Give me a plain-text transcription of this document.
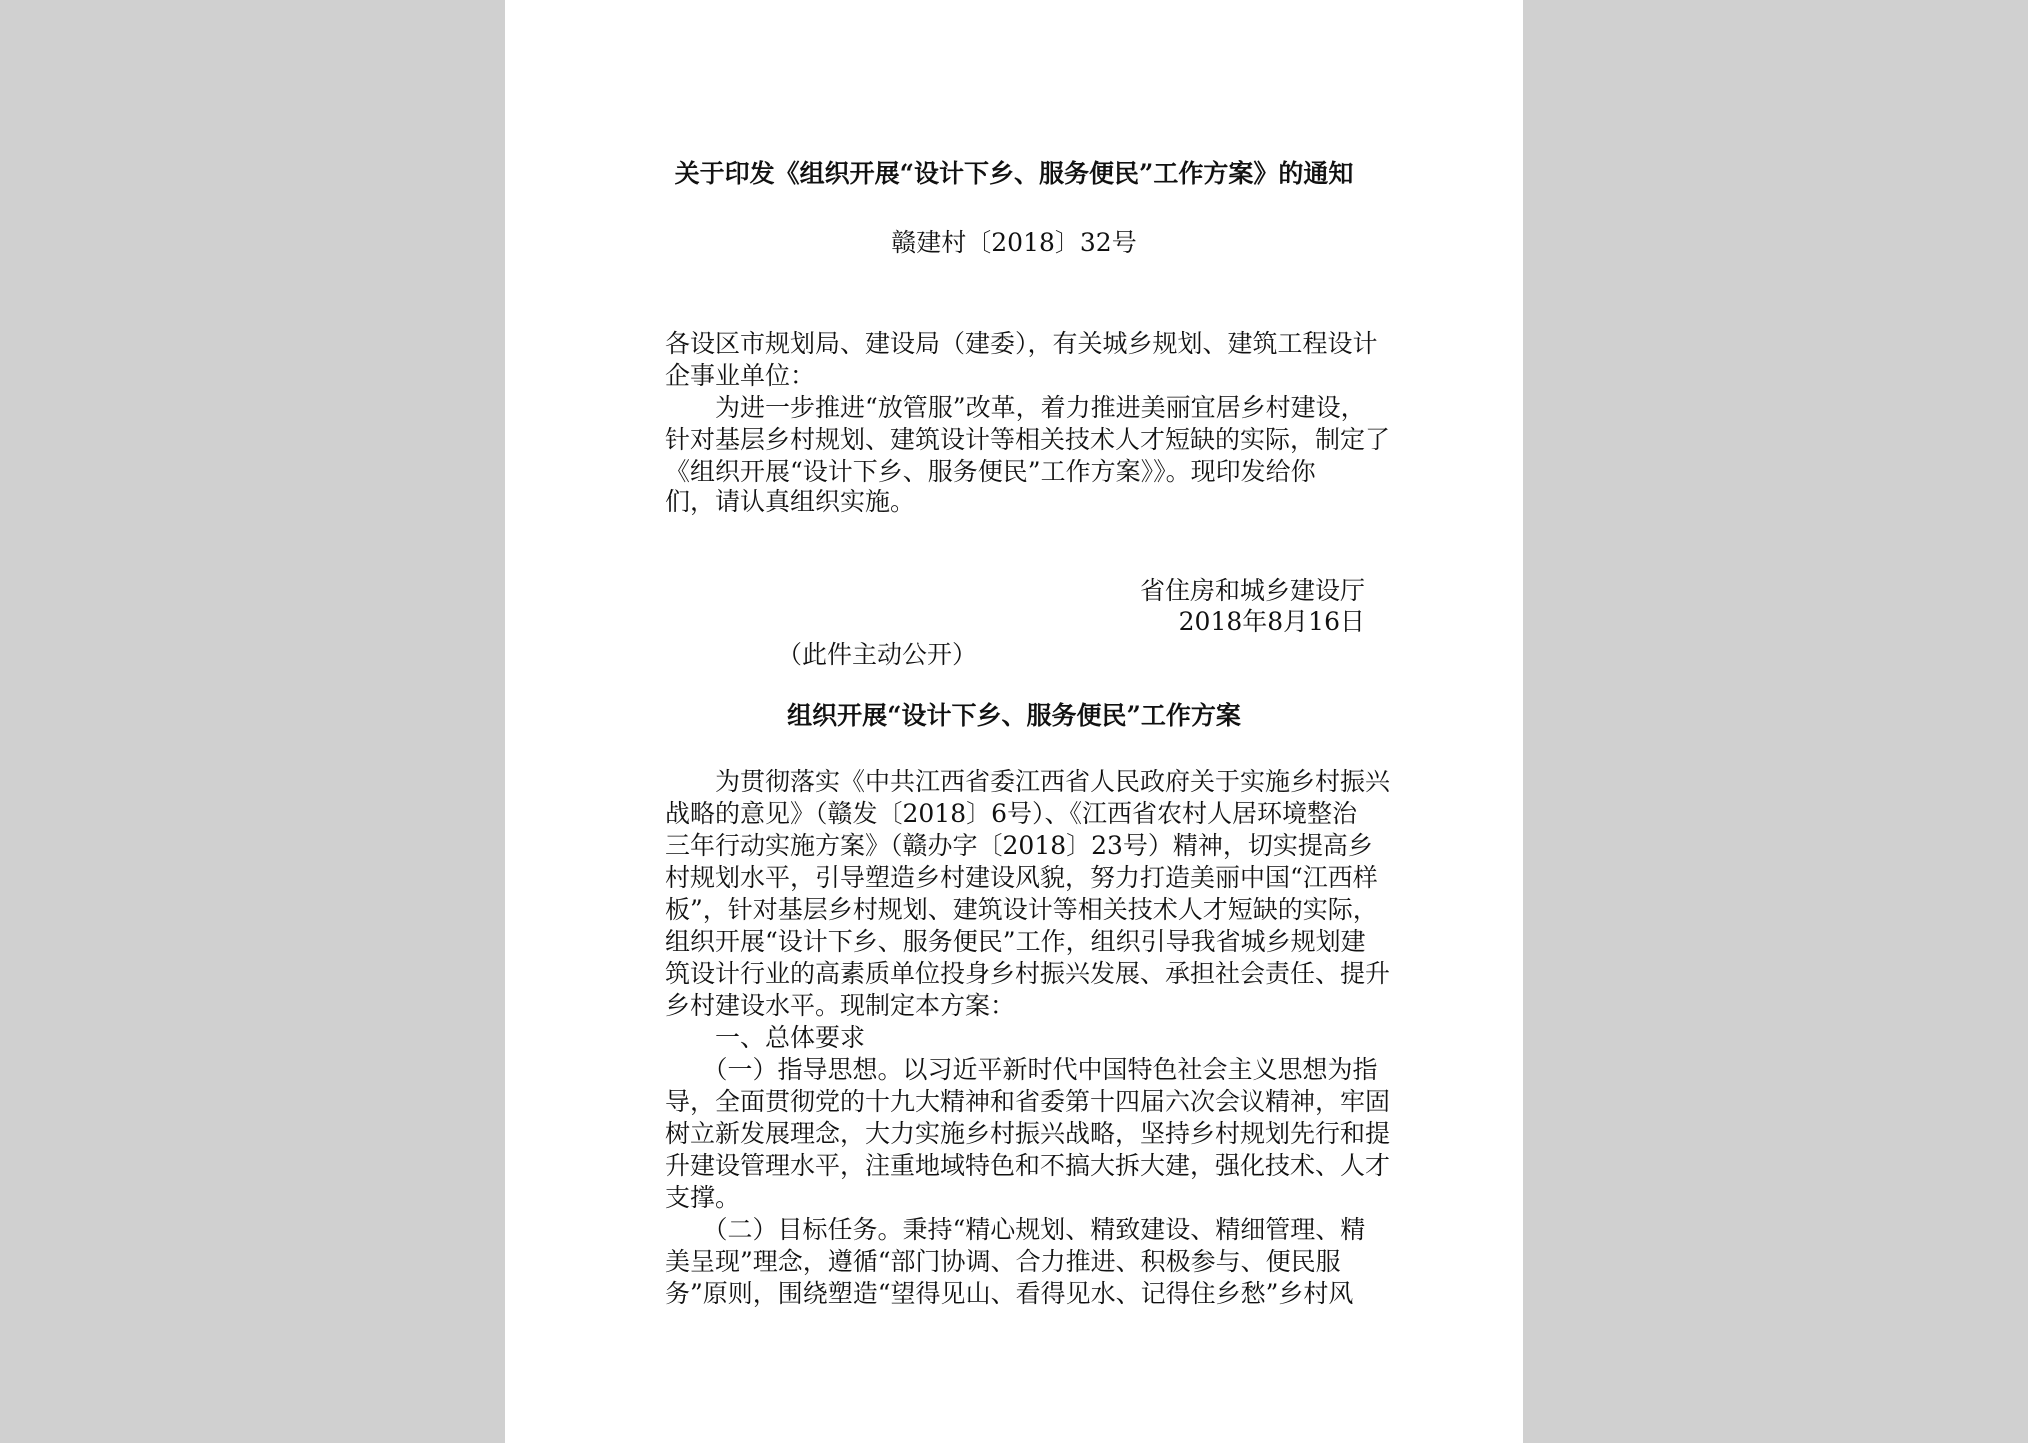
关于印发《组织开展“设计下乡、服务便民”工作方案》的通知
赣建村〔2018〕32号
各设区市规划局、建设局（建委），有关城乡规划、建筑工程设计
企事业单位：
　　为进一步推进“放管服”改革，着力推进美丽宜居乡村建设，
针对基层乡村规划、建筑设计等相关技术人才短缺的实际，制定了
《组织开展“设计下乡、服务便民”工作方案》》。现印发给你
们，请认真组织实施。
省住房和城乡建设厅
2018年8月16日
（此件主动公开）
组织开展“设计下乡、服务便民”工作方案
　　为贯彻落实《中共江西省委江西省人民政府关于实施乡村振兴
战略的意见》（赣发〔2018〕6号）、《江西省农村人居环境整治
三年行动实施方案》（赣办字〔2018〕23号）精神，切实提高乡
村规划水平，引导塑造乡村建设风貌，努力打造美丽中国“江西样
板”，针对基层乡村规划、建筑设计等相关技术人才短缺的实际，
组织开展“设计下乡、服务便民”工作，组织引导我省城乡规划建
筑设计行业的高素质单位投身乡村振兴发展、承担社会责任、提升
乡村建设水平。现制定本方案：
　　一、总体要求
　　（一）指导思想。以习近平新时代中国特色社会主义思想为指
导，全面贯彻党的十九大精神和省委第十四届六次会议精神，牢固
树立新发展理念，大力实施乡村振兴战略，坚持乡村规划先行和提
升建设管理水平，注重地域特色和不搞大拆大建，强化技术、人才
支撑。
　　（二）目标任务。秉持“精心规划、精致建设、精细管理、精
美呈现”理念，遵循“部门协调、合力推进、积极参与、便民服
务”原则，围绕塑造“望得见山、看得见水、记得住乡愁”乡村风
